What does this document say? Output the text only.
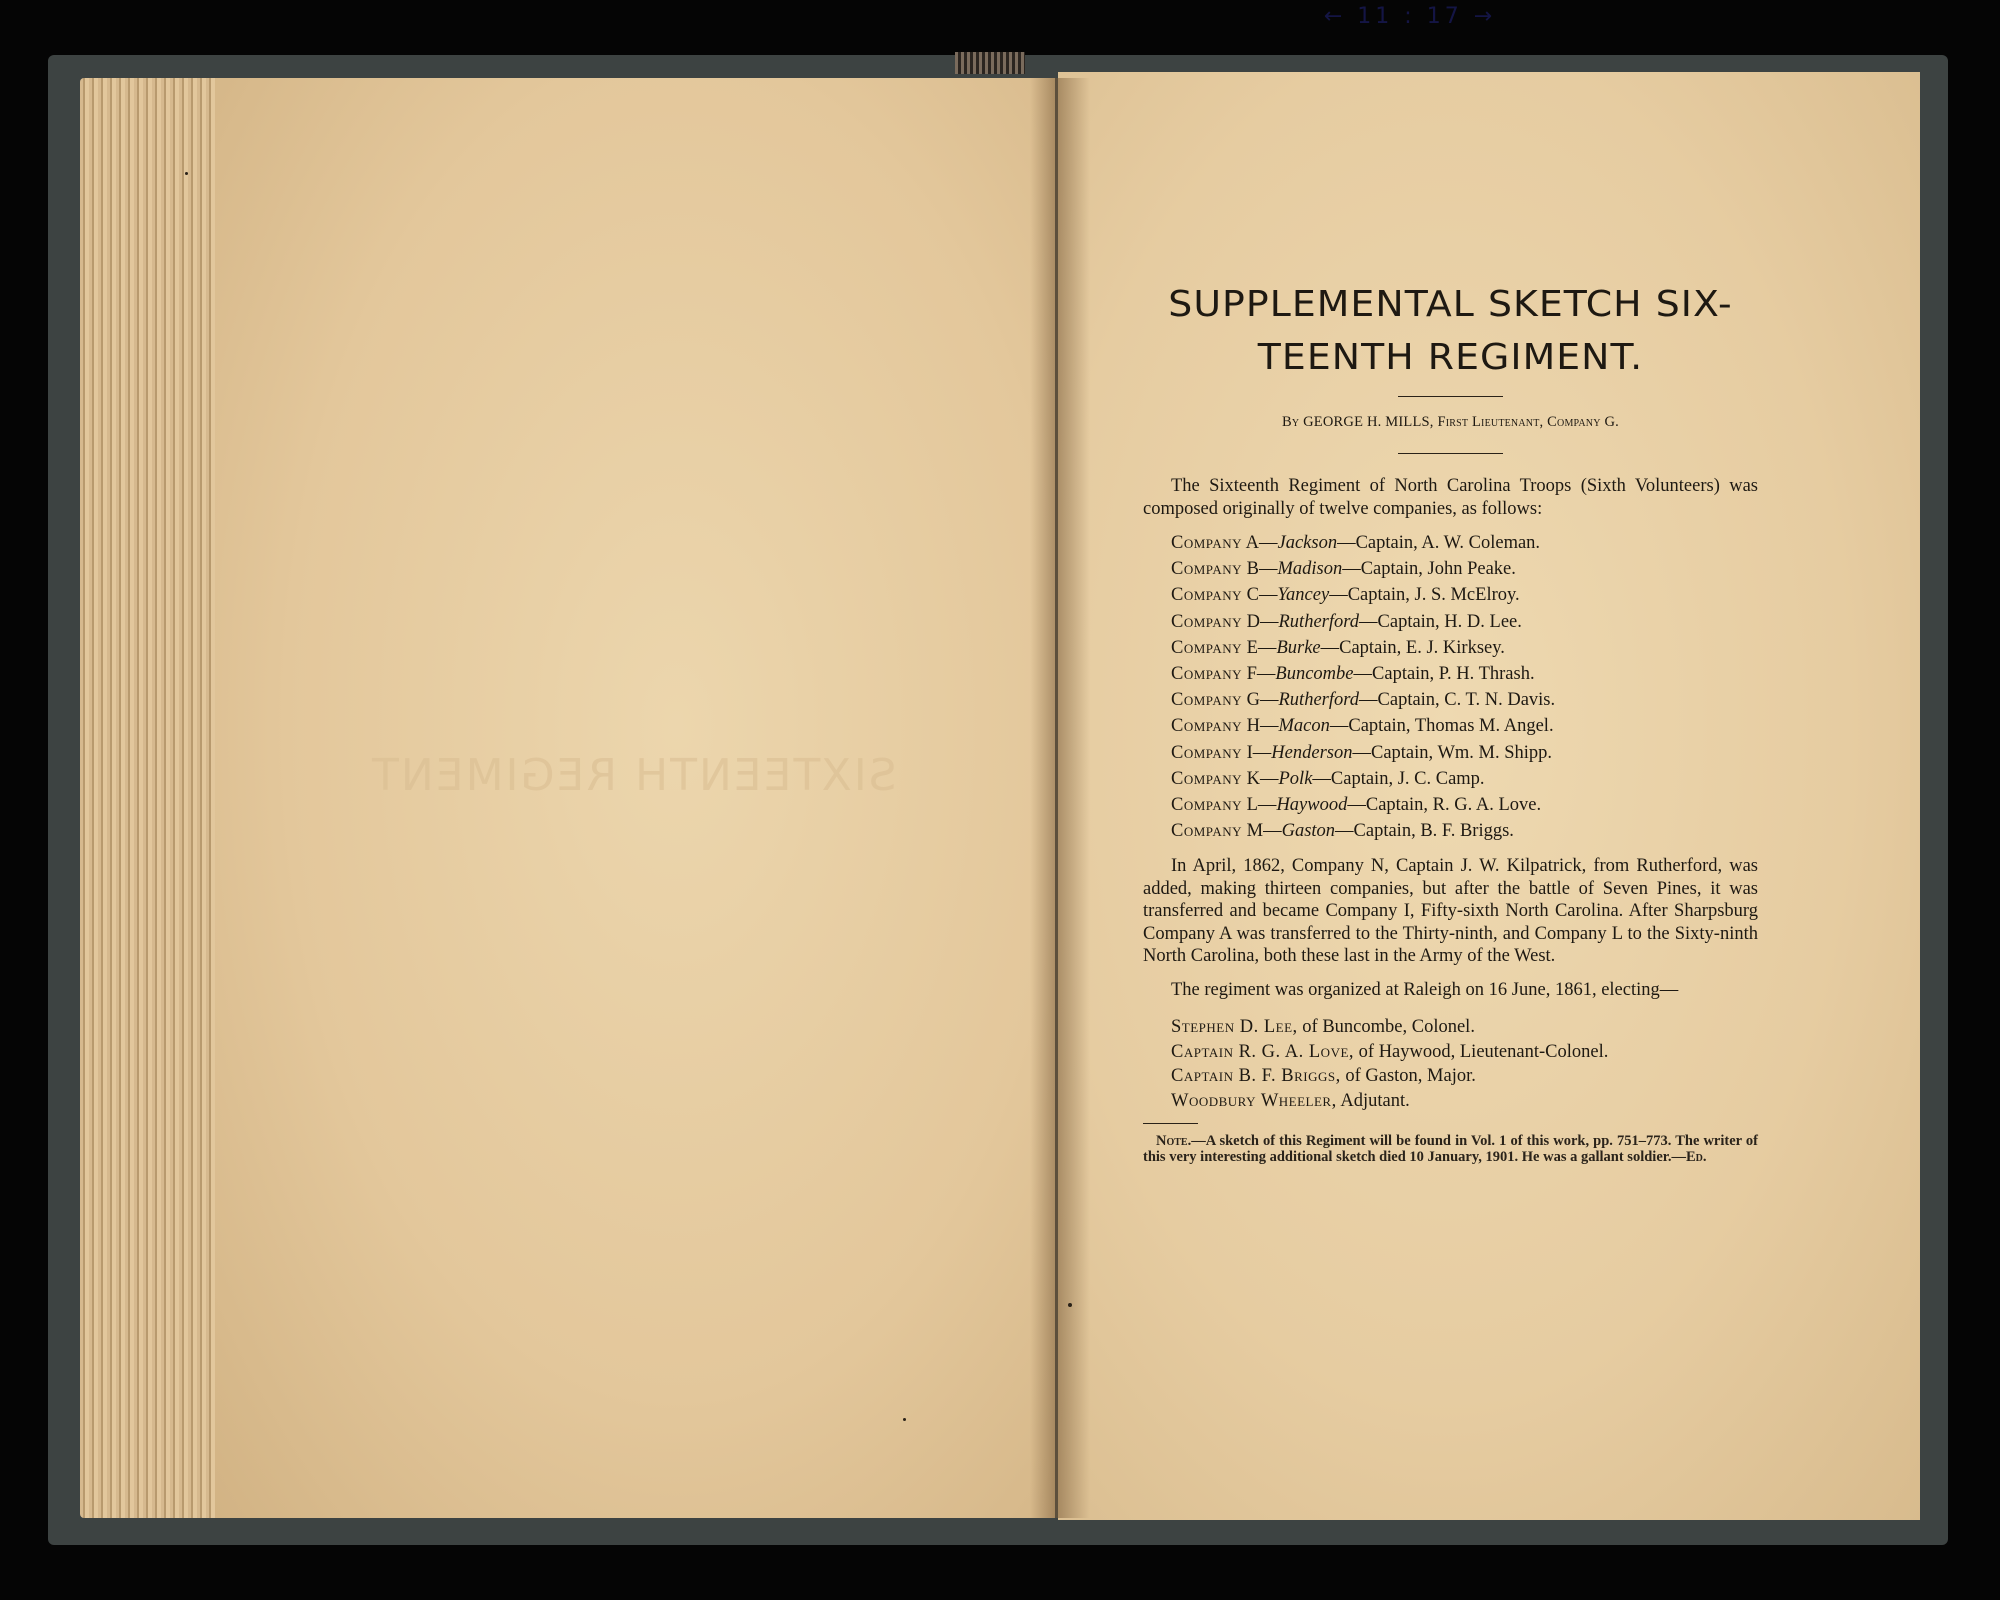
← 11 : 17 →
SIXTEENTH REGIMENT
SUPPLEMENTAL SKETCH SIX-
TEENTH REGIMENT.
By GEORGE H. MILLS, First Lieutenant, Company G.

The Sixteenth Regiment of North Carolina Troops (Sixth Volunteers) was composed originally of twelve companies, as follows:

Company A—Jackson—Captain, A. W. Coleman.
Company B—Madison—Captain, John Peake.
Company C—Yancey—Captain, J. S. McElroy.
Company D—Rutherford—Captain, H. D. Lee.
Company E—Burke—Captain, E. J. Kirksey.
Company F—Buncombe—Captain, P. H. Thrash.
Company G—Rutherford—Captain, C. T. N. Davis.
Company H—Macon—Captain, Thomas M. Angel.
Company I—Henderson—Captain, Wm. M. Shipp.
Company K—Polk—Captain, J. C. Camp.
Company L—Haywood—Captain, R. G. A. Love.
Company M—Gaston—Captain, B. F. Briggs.

In April, 1862, Company N, Captain J. W. Kilpatrick, from Rutherford, was added, making thirteen companies, but after the battle of Seven Pines, it was transferred and became Company I, Fifty-sixth North Carolina. After Sharpsburg Company A was transferred to the Thirty-ninth, and Company L to the Sixty-ninth North Carolina, both these last in the Army of the West.

The regiment was organized at Raleigh on 16 June, 1861, electing—

Stephen D. Lee, of Buncombe, Colonel.
Captain R. G. A. Love, of Haywood, Lieutenant-Colonel.
Captain B. F. Briggs, of Gaston, Major.
Woodbury Wheeler, Adjutant.

Note.—A sketch of this Regiment will be found in Vol. 1 of this work, pp. 751–773. The writer of this very interesting additional sketch died 10 January, 1901. He was a gallant soldier.—Ed.
